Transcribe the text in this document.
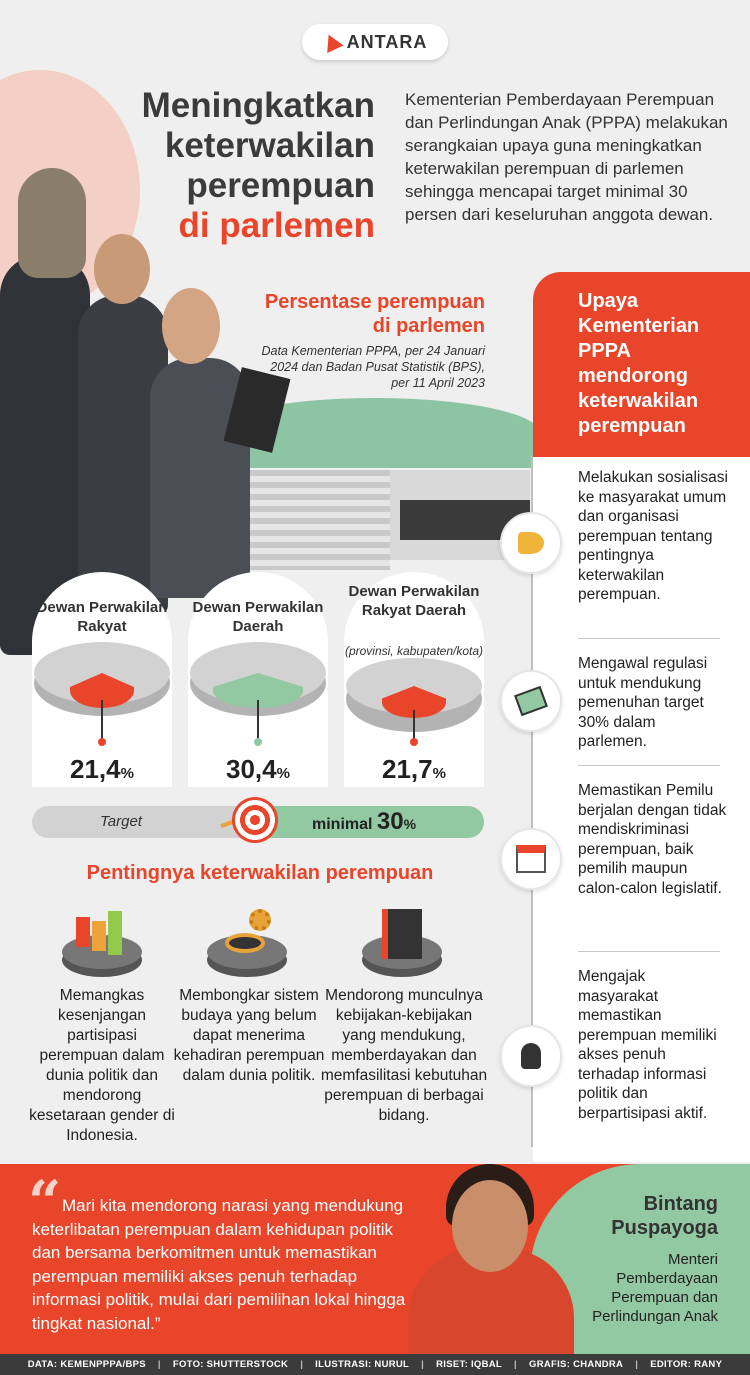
ANTARA
Meningkatkan
keterwakilan
perempuan
di parlemen
Kementerian Pemberdayaan Perempuan dan Perlindungan Anak (PPPA) melakukan serangkaian upaya guna meningkatkan keterwakilan perempuan di parlemen sehingga mencapai target minimal 30 persen dari keseluruhan anggota dewan.
Persentase perempuan di parlemen
Data Kementerian PPPA, per 24 Januari 2024 dan Badan Pusat Statistik (BPS), per 11 April 2023
Dewan Perwakilan Rakyat
21,4%
Dewan Perwakilan Daerah
30,4%
Dewan Perwakilan Rakyat Daerah
(provinsi, kabupaten/kota)
21,7%
Target	minimal 30%
Pentingnya keterwakilan perempuan
Memangkas kesenjangan partisipasi perempuan dalam dunia politik dan mendorong kesetaraan gender di Indonesia.
Membongkar sistem budaya yang belum dapat menerima kehadiran perempuan dalam dunia politik.
Mendorong munculnya kebijakan-kebijakan yang mendukung, memberdayakan dan memfasilitasi kebutuhan perempuan di berbagai bidang.
Upaya Kementerian PPPA mendorong keterwakilan perempuan
Melakukan sosialisasi ke masyarakat umum dan organisasi perempuan tentang pentingnya keterwakilan perempuan.
Mengawal regulasi untuk mendukung pemenuhan target 30% dalam parlemen.
Memastikan Pemilu berjalan dengan tidak mendiskriminasi perempuan, baik pemilih maupun calon-calon legislatif.
Mengajak masyarakat memastikan perempuan memiliki akses penuh terhadap informasi politik dan berpartisipasi aktif.
“ Mari kita mendorong narasi yang mendukung keterlibatan perempuan dalam kehidupan politik dan bersama berkomitmen untuk memastikan perempuan memiliki akses penuh terhadap informasi politik, mulai dari pemilihan lokal hingga tingkat nasional.”
Bintang Puspayoga
Menteri Pemberdayaan Perempuan dan Perlindungan Anak
DATA: KEMENPPPA/BPS | FOTO: SHUTTERSTOCK | ILUSTRASI: NURUL | RISET: IQBAL | GRAFIS: CHANDRA | EDITOR: RANY
